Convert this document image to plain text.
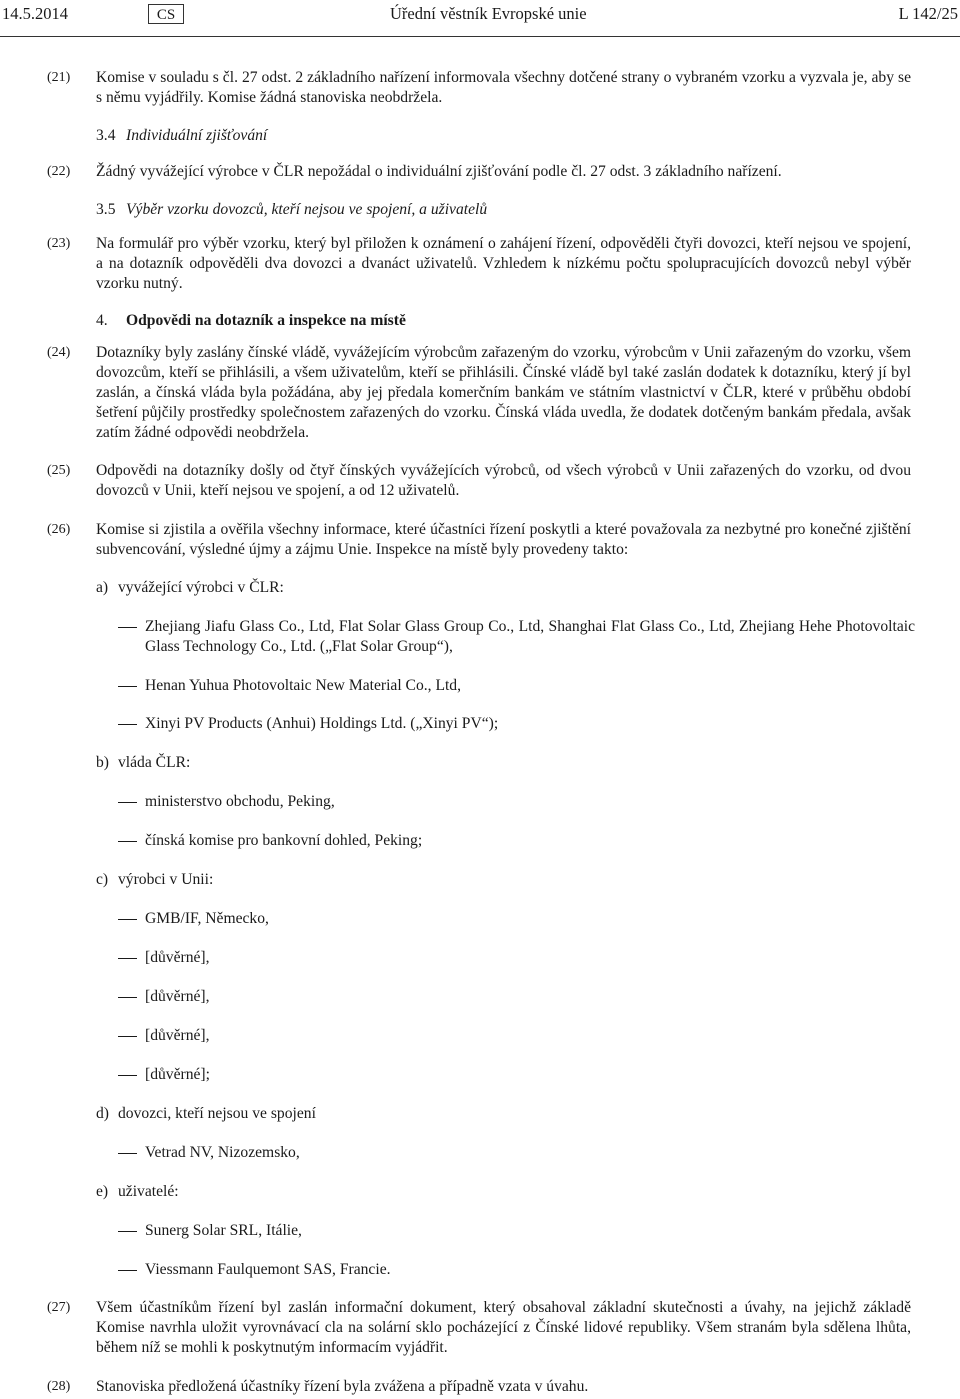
14.5.2014	CS	Úřední věstník Evropské unie	L 142/25
(21) Komise v souladu s čl. 27 odst. 2 základního nařízení informovala všechny dotčené strany o vybraném vzorku a vyzvala je, aby se s němu vyjádřily. Komise žádná stanoviska neobdržela.
3.4 Individuální zjišťování
(22) Žádný vyvážející výrobce v ČLR nepožádal o individuální zjišťování podle čl. 27 odst. 3 základního nařízení.
3.5 Výběr vzorku dovozců, kteří nejsou ve spojení, a uživatelů
(23) Na formulář pro výběr vzorku, který byl přiložen k oznámení o zahájení řízení, odpověděli čtyři dovozci, kteří nejsou ve spojení, a na dotazník odpověděli dva dovozci a dvanáct uživatelů. Vzhledem k nízkému počtu spolupracujících dovozců nebyl výběr vzorku nutný.
4. Odpovědi na dotazník a inspekce na místě
(24) Dotazníky byly zaslány čínské vládě, vyvážejícím výrobcům zařazeným do vzorku, výrobcům v Unii zařazeným do vzorku, všem dovozcům, kteří se přihlásili, a všem uživatelům, kteří se přihlásili. Čínské vládě byl také zaslán dodatek k dotazníku, který jí byl zaslán, a čínská vláda byla požádána, aby jej předala komerčním bankám ve státním vlastnictví v ČLR, které v průběhu období šetření půjčily prostředky společnostem zařazených do vzorku. Čínská vláda uvedla, že dodatek dotčeným bankám předala, avšak zatím žádné odpovědi neobdržela.
(25) Odpovědi na dotazníky došly od čtyř čínských vyvážejících výrobců, od všech výrobců v Unii zařazených do vzorku, od dvou dovozců v Unii, kteří nejsou ve spojení, a od 12 uživatelů.
(26) Komise si zjistila a ověřila všechny informace, které účastníci řízení poskytli a které považovala za nezbytné pro konečné zjištění subvencování, výsledné újmy a zájmu Unie. Inspekce na místě byly provedeny takto:
a) vyvážející výrobci v ČLR:
Zhejiang Jiafu Glass Co., Ltd, Flat Solar Glass Group Co., Ltd, Shanghai Flat Glass Co., Ltd, Zhejiang Hehe Photovoltaic Glass Technology Co., Ltd. („Flat Solar Group“),
Henan Yuhua Photovoltaic New Material Co., Ltd,
Xinyi PV Products (Anhui) Holdings Ltd. („Xinyi PV“);
b) vláda ČLR:
ministerstvo obchodu, Peking,
čínská komise pro bankovní dohled, Peking;
c) výrobci v Unii:
GMB/IF, Německo,
[důvěrné],
[důvěrné],
[důvěrné],
[důvěrné];
d) dovozci, kteří nejsou ve spojení
Vetrad NV, Nizozemsko,
e) uživatelé:
Sunerg Solar SRL, Itálie,
Viessmann Faulquemont SAS, Francie.
(27) Všem účastníkům řízení byl zaslán informační dokument, který obsahoval základní skutečnosti a úvahy, na jejichž základě Komise navrhla uložit vyrovnávací cla na solární sklo pocházející z Čínské lidové republiky. Všem stranám byla sdělena lhůta, během níž se mohli k poskytnutým informacím vyjádřit.
(28) Stanoviska předložená účastníky řízení byla zvážena a případně vzata v úvahu.
